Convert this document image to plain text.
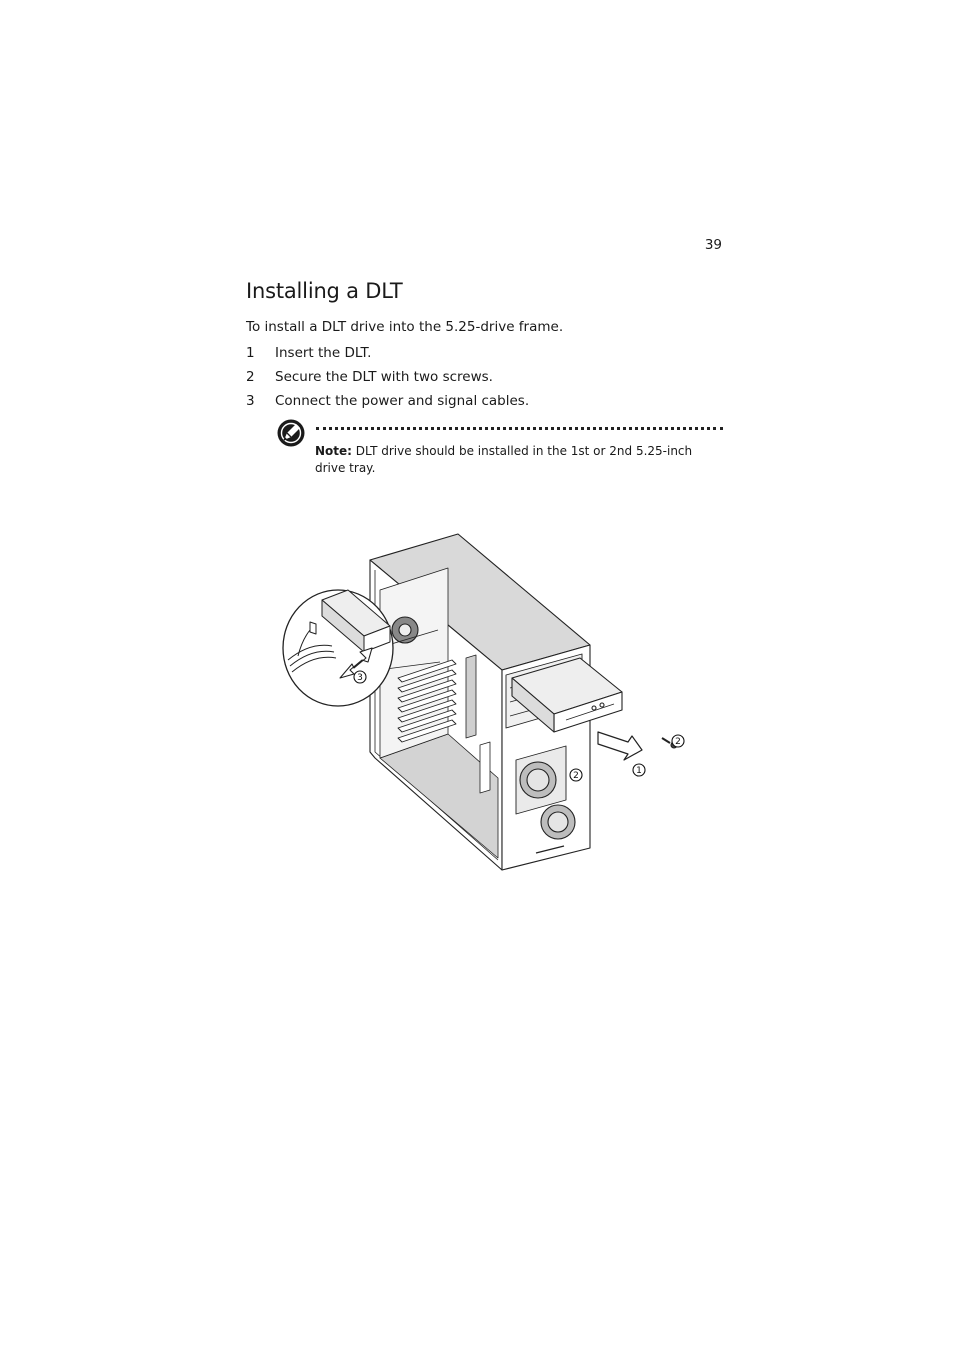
39
Installing a DLT
To install a DLT drive into the 5.25-drive frame.
1	Insert the DLT.
2	Secure the DLT with two screws.
3	Connect the power and signal cables.
Note: DLT drive should be installed in the 1st or 2nd 5.25-inch drive tray.
1
2
2
3
